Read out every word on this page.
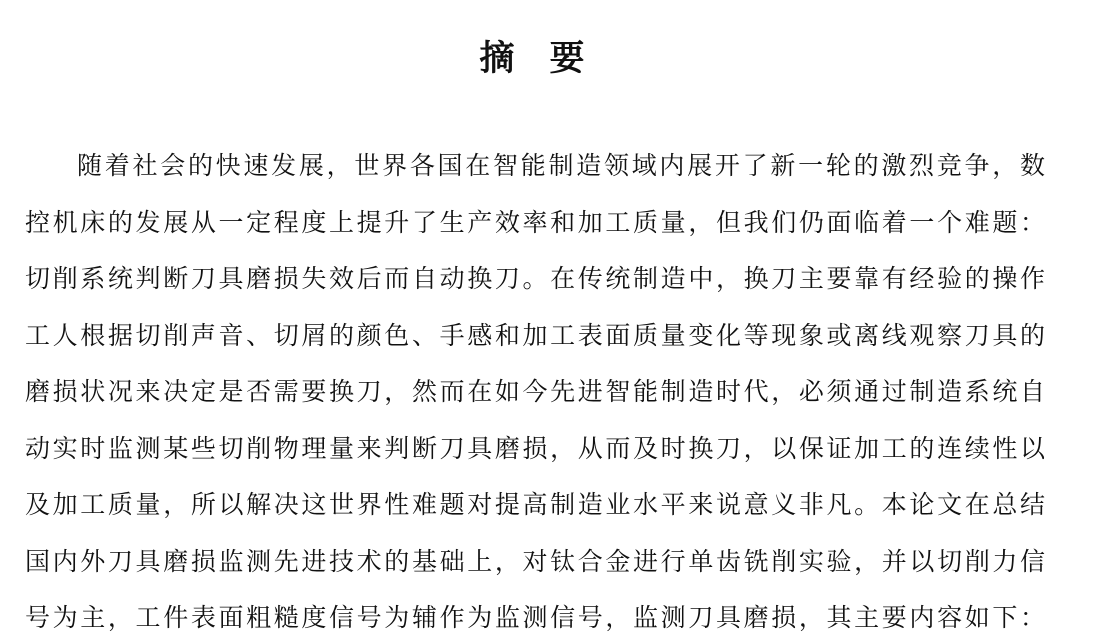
摘　要
随着社会的快速发展，世界各国在智能制造领域内展开了新一轮的激烈竞争，数
控机床的发展从一定程度上提升了生产效率和加工质量，但我们仍面临着一个难题：
切削系统判断刀具磨损失效后而自动换刀。在传统制造中，换刀主要靠有经验的操作
工人根据切削声音、切屑的颜色、手感和加工表面质量变化等现象或离线观察刀具的
磨损状况来决定是否需要换刀，然而在如今先进智能制造时代，必须通过制造系统自
动实时监测某些切削物理量来判断刀具磨损，从而及时换刀，以保证加工的连续性以
及加工质量，所以解决这世界性难题对提高制造业水平来说意义非凡。本论文在总结
国内外刀具磨损监测先进技术的基础上，对钛合金进行单齿铣削实验，并以切削力信
号为主，工件表面粗糙度信号为辅作为监测信号，监测刀具磨损，其主要内容如下：
